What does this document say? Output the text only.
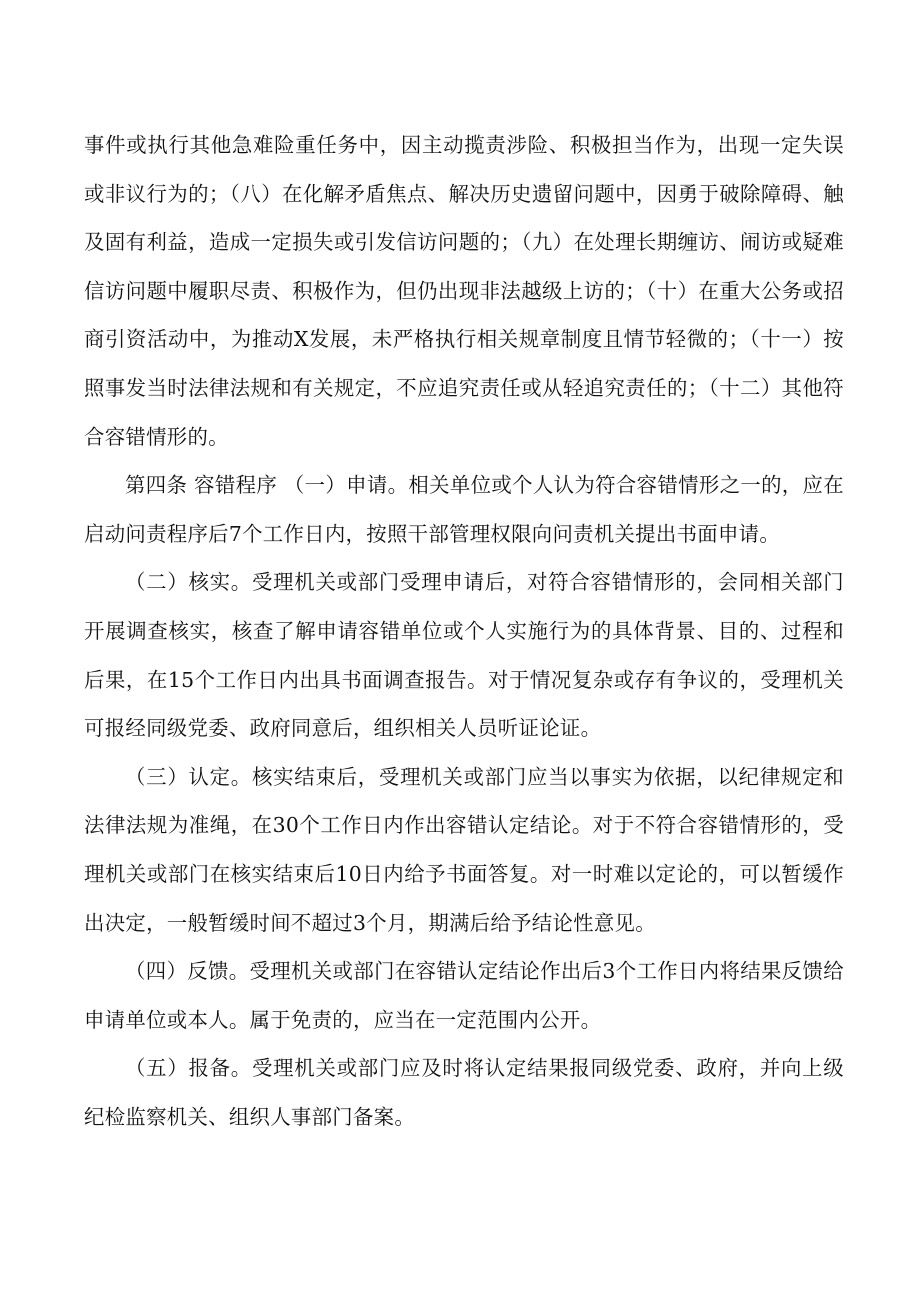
事件或执行其他急难险重任务中，因主动揽责涉险、积极担当作为，出现一定失误或非议行为的；（八）在化解矛盾焦点、解决历史遗留问题中，因勇于破除障碍、触及固有利益，造成一定损失或引发信访问题的；（九）在处理长期缠访、闹访或疑难信访问题中履职尽责、积极作为，但仍出现非法越级上访的；（十）在重大公务或招商引资活动中，为推动X发展，未严格执行相关规章制度且情节轻微的；（十一）按照事发当时法律法规和有关规定，不应追究责任或从轻追究责任的；（十二）其他符合容错情形的。

第四条 容错程序 （一）申请。相关单位或个人认为符合容错情形之一的，应在启动问责程序后7个工作日内，按照干部管理权限向问责机关提出书面申请。

（二）核实。受理机关或部门受理申请后，对符合容错情形的，会同相关部门开展调查核实，核查了解申请容错单位或个人实施行为的具体背景、目的、过程和后果，在15个工作日内出具书面调查报告。对于情况复杂或存有争议的，受理机关可报经同级党委、政府同意后，组织相关人员听证论证。

（三）认定。核实结束后，受理机关或部门应当以事实为依据，以纪律规定和法律法规为准绳，在30个工作日内作出容错认定结论。对于不符合容错情形的，受理机关或部门在核实结束后10日内给予书面答复。对一时难以定论的，可以暂缓作出决定，一般暂缓时间不超过3个月，期满后给予结论性意见。

（四）反馈。受理机关或部门在容错认定结论作出后3个工作日内将结果反馈给申请单位或本人。属于免责的，应当在一定范围内公开。

（五）报备。受理机关或部门应及时将认定结果报同级党委、政府，并向上级纪检监察机关、组织人事部门备案。
